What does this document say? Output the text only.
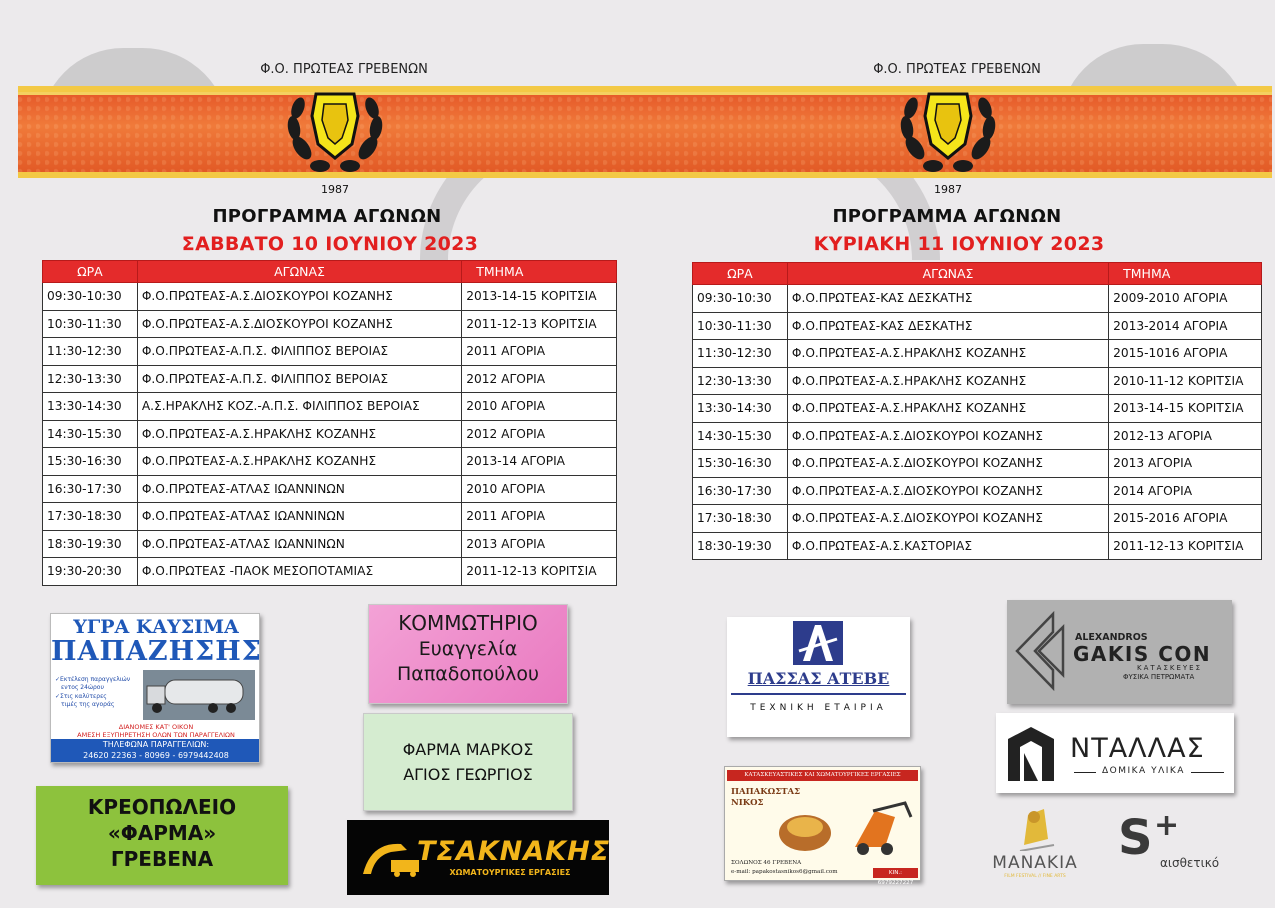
Φ.Ο. ΠΡΩΤΕΑΣ ΓΡΕΒΕΝΩΝ
1987
ΠΡΟΓΡΑΜΜΑ ΑΓΩΝΩΝ
ΣΑΒΒΑΤΟ 10 ΙΟΥΝΙΟΥ 2023
Φ.Ο. ΠΡΩΤΕΑΣ ΓΡΕΒΕΝΩΝ
1987
ΠΡΟΓΡΑΜΜΑ ΑΓΩΝΩΝ
ΚΥΡΙΑΚΗ 11 ΙΟΥΝΙΟΥ 2023
ΩΡΑ	ΑΓΩΝΑΣ	ΤΜΗΜΑ
09:30-10:30	Φ.Ο.ΠΡΩΤΕΑΣ-Α.Σ.ΔΙΟΣΚΟΥΡΟΙ ΚΟΖΑΝΗΣ	2013-14-15 ΚΟΡΙΤΣΙΑ
10:30-11:30	Φ.Ο.ΠΡΩΤΕΑΣ-Α.Σ.ΔΙΟΣΚΟΥΡΟΙ ΚΟΖΑΝΗΣ	2011-12-13 ΚΟΡΙΤΣΙΑ
11:30-12:30	Φ.Ο.ΠΡΩΤΕΑΣ-Α.Π.Σ. ΦΙΛΙΠΠΟΣ ΒΕΡΟΙΑΣ	2011 ΑΓΟΡΙΑ
12:30-13:30	Φ.Ο.ΠΡΩΤΕΑΣ-Α.Π.Σ. ΦΙΛΙΠΠΟΣ ΒΕΡΟΙΑΣ	2012 ΑΓΟΡΙΑ
13:30-14:30	Α.Σ.ΗΡΑΚΛΗΣ ΚΟΖ.-Α.Π.Σ. ΦΙΛΙΠΠΟΣ ΒΕΡΟΙΑΣ	2010 ΑΓΟΡΙΑ
14:30-15:30	Φ.Ο.ΠΡΩΤΕΑΣ-Α.Σ.ΗΡΑΚΛΗΣ ΚΟΖΑΝΗΣ	2012 ΑΓΟΡΙΑ
15:30-16:30	Φ.Ο.ΠΡΩΤΕΑΣ-Α.Σ.ΗΡΑΚΛΗΣ ΚΟΖΑΝΗΣ	2013-14 ΑΓΟΡΙΑ
16:30-17:30	Φ.Ο.ΠΡΩΤΕΑΣ-ΑΤΛΑΣ ΙΩΑΝΝΙΝΩΝ	2010 ΑΓΟΡΙΑ
17:30-18:30	Φ.Ο.ΠΡΩΤΕΑΣ-ΑΤΛΑΣ ΙΩΑΝΝΙΝΩΝ	2011 ΑΓΟΡΙΑ
18:30-19:30	Φ.Ο.ΠΡΩΤΕΑΣ-ΑΤΛΑΣ ΙΩΑΝΝΙΝΩΝ	2013 ΑΓΟΡΙΑ
19:30-20:30	Φ.Ο.ΠΡΩΤΕΑΣ -ΠΑΟΚ ΜΕΣΟΠΟΤΑΜΙΑΣ	2011-12-13 ΚΟΡΙΤΣΙΑ
ΩΡΑ	ΑΓΩΝΑΣ	ΤΜΗΜΑ
09:30-10:30	Φ.Ο.ΠΡΩΤΕΑΣ-ΚΑΣ ΔΕΣΚΑΤΗΣ	2009-2010 ΑΓΟΡΙΑ
10:30-11:30	Φ.Ο.ΠΡΩΤΕΑΣ-ΚΑΣ ΔΕΣΚΑΤΗΣ	2013-2014 ΑΓΟΡΙΑ
11:30-12:30	Φ.Ο.ΠΡΩΤΕΑΣ-Α.Σ.ΗΡΑΚΛΗΣ ΚΟΖΑΝΗΣ	2015-1016 ΑΓΟΡΙΑ
12:30-13:30	Φ.Ο.ΠΡΩΤΕΑΣ-Α.Σ.ΗΡΑΚΛΗΣ ΚΟΖΑΝΗΣ	2010-11-12 ΚΟΡΙΤΣΙΑ
13:30-14:30	Φ.Ο.ΠΡΩΤΕΑΣ-Α.Σ.ΗΡΑΚΛΗΣ ΚΟΖΑΝΗΣ	2013-14-15 ΚΟΡΙΤΣΙΑ
14:30-15:30	Φ.Ο.ΠΡΩΤΕΑΣ-Α.Σ.ΔΙΟΣΚΟΥΡΟΙ ΚΟΖΑΝΗΣ	2012-13 ΑΓΟΡΙΑ
15:30-16:30	Φ.Ο.ΠΡΩΤΕΑΣ-Α.Σ.ΔΙΟΣΚΟΥΡΟΙ ΚΟΖΑΝΗΣ	2013 ΑΓΟΡΙΑ
16:30-17:30	Φ.Ο.ΠΡΩΤΕΑΣ-Α.Σ.ΔΙΟΣΚΟΥΡΟΙ ΚΟΖΑΝΗΣ	2014 ΑΓΟΡΙΑ
17:30-18:30	Φ.Ο.ΠΡΩΤΕΑΣ-Α.Σ.ΔΙΟΣΚΟΥΡΟΙ ΚΟΖΑΝΗΣ	2015-2016 ΑΓΟΡΙΑ
18:30-19:30	Φ.Ο.ΠΡΩΤΕΑΣ-Α.Σ.ΚΑΣΤΟΡΙΑΣ	2011-12-13 ΚΟΡΙΤΣΙΑ
ΥΓΡΑ ΚΑΥΣΙΜΑ
ΠΑΠΑΖΗΣΗΣ
✓Εκτέλεση παραγγελιών
εντος 24ώρου
✓Στις καλύτερες
τιμές της αγοράς
ΔΙΑΝΟΜΕΣ ΚΑΤ' ΟΙΚΟΝ
ΑΜΕΣΗ ΕΞΥΠΗΡΕΤΗΣΗ ΟΛΩΝ ΤΩΝ ΠΑΡΑΓΓΕΛΙΩΝ
ΤΗΛΕΦΩΝΑ ΠΑΡΑΓΓΕΛΙΩΝ:
24620 22363 - 80969 - 6979442408
ΚΟΜΜΩΤΗΡΙΟ
Ευαγγελία
Παπαδοπούλου
ΦΑΡΜΑ ΜΑΡΚΟΣ
ΑΓΙΟΣ ΓΕΩΡΓΙΟΣ
ΚΡΕΟΠΩΛΕΙΟ
«ΦΑΡΜΑ»
ΓΡΕΒΕΝΑ	ΤΣΑΚΝΑΚΗΣ
ΧΩΜΑΤΟΥΡΓΙΚΕΣ ΕΡΓΑΣΙΕΣ
ΠΑΣΣΑΣ ΑΤΕΒΕ
ΤΕΧΝΙΚΗ ΕΤΑΙΡΙΑ
ΚΑΤΑΣΚΕΥΑΣΤΙΚΕΣ ΚΑΙ ΧΩΜΑΤΟΥΡΓΙΚΕΣ ΕΡΓΑΣΙΕΣ
ΠΑΠΑΚΩΣΤΑΣ
ΝΙΚΟΣ
ΣΟΛΩΝΟΣ 46 ΓΡΕΒΕΝΑ
e-mail: papakostasnikos6@gmail.com	ΚΙΝ.: 6979227227
ALEXANDROS
GAKIS CON
ΚΑΤΑΣΚΕΥΕΣ
ΦΥΣΙΚΑ ΠΕΤΡΩΜΑΤΑ
ΝΤΑΛΛΑΣ
ΔΟΜΙΚΑ ΥΛΙΚΑ
MANAKIA
FILM FESTIVAL // FINE ARTS
S +
αισθετικό
